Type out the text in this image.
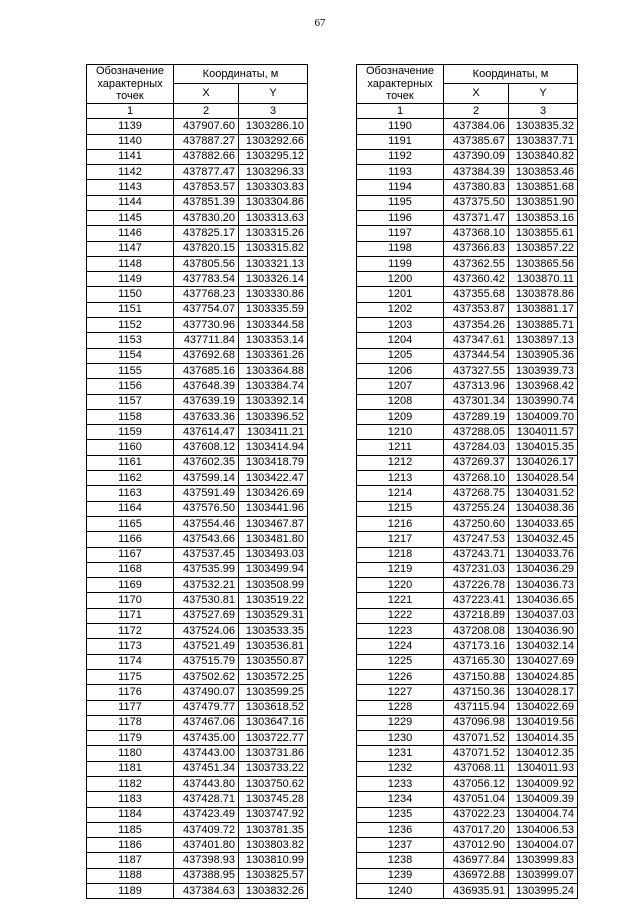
67
Обозначение
характерных
точек	Координаты, м	
	X	Y
1	2	3
1139	437907.60	1303286.10
1140	437887.27	1303292.66
1141	437882.66	1303295.12
1142	437877.47	1303296.33
1143	437853.57	1303303.83
1144	437851.39	1303304.86
1145	437830.20	1303313.63
1146	437825.17	1303315.26
1147	437820.15	1303315.82
1148	437805.56	1303321.13
1149	437783.54	1303326.14
1150	437768.23	1303330.86
1151	437754.07	1303335.59
1152	437730.96	1303344.58
1153	437711.84	1303353.14
1154	437692.68	1303361.26
1155	437685.16	1303364.88
1156	437648.39	1303384.74
1157	437639.19	1303392.14
1158	437633.36	1303396.52
1159	437614.47	1303411.21
1160	437608.12	1303414.94
1161	437602.35	1303418.79
1162	437599.14	1303422.47
1163	437591.49	1303426.69
1164	437576.50	1303441.96
1165	437554.46	1303467.87
1166	437543.66	1303481.80
1167	437537.45	1303493.03
1168	437535.99	1303499.94
1169	437532.21	1303508.99
1170	437530.81	1303519.22
1171	437527.69	1303529.31
1172	437524.06	1303533.35
1173	437521.49	1303536.81
1174	437515.79	1303550.87
1175	437502.62	1303572.25
1176	437490.07	1303599.25
1177	437479.77	1303618.52
1178	437467.06	1303647.16
1179	437435.00	1303722.77
1180	437443.00	1303731.86
1181	437451.34	1303733.22
1182	437443.80	1303750.62
1183	437428.71	1303745.28
1184	437423.49	1303747.92
1185	437409.72	1303781.35
1186	437401.80	1303803.82
1187	437398.93	1303810.99
1188	437388.95	1303825.57
1189	437384.63	1303832.26
Обозначение
характерных
точек	Координаты, м	
	X	Y
1	2	3
1190	437384.06	1303835.32
1191	437385.67	1303837.71
1192	437390.09	1303840.82
1193	437384.39	1303853.46
1194	437380.83	1303851.68
1195	437375.50	1303851.90
1196	437371.47	1303853.16
1197	437368.10	1303855.61
1198	437366.83	1303857.22
1199	437362.55	1303865.56
1200	437360.42	1303870.11
1201	437355.68	1303878.86
1202	437353.87	1303881.17
1203	437354.26	1303885.71
1204	437347.61	1303897.13
1205	437344.54	1303905.36
1206	437327.55	1303939.73
1207	437313.96	1303968.42
1208	437301.34	1303990.74
1209	437289.19	1304009.70
1210	437288.05	1304011.57
1211	437284.03	1304015.35
1212	437269.37	1304026.17
1213	437268.10	1304028.54
1214	437268.75	1304031.52
1215	437255.24	1304038.36
1216	437250.60	1304033.65
1217	437247.53	1304032.45
1218	437243.71	1304033.76
1219	437231.03	1304036.29
1220	437226.78	1304036.73
1221	437223.41	1304036.65
1222	437218.89	1304037.03
1223	437208.08	1304036.90
1224	437173.16	1304032.14
1225	437165.30	1304027.69
1226	437150.88	1304024.85
1227	437150.36	1304028.17
1228	437115.94	1304022.69
1229	437096.98	1304019.56
1230	437071.52	1304014.35
1231	437071.52	1304012.35
1232	437068.11	1304011.93
1233	437056.12	1304009.92
1234	437051.04	1304009.39
1235	437022.23	1304004.74
1236	437017.20	1304006.53
1237	437012.90	1304004.07
1238	436977.84	1303999.83
1239	436972.88	1303999.07
1240	436935.91	1303995.24
